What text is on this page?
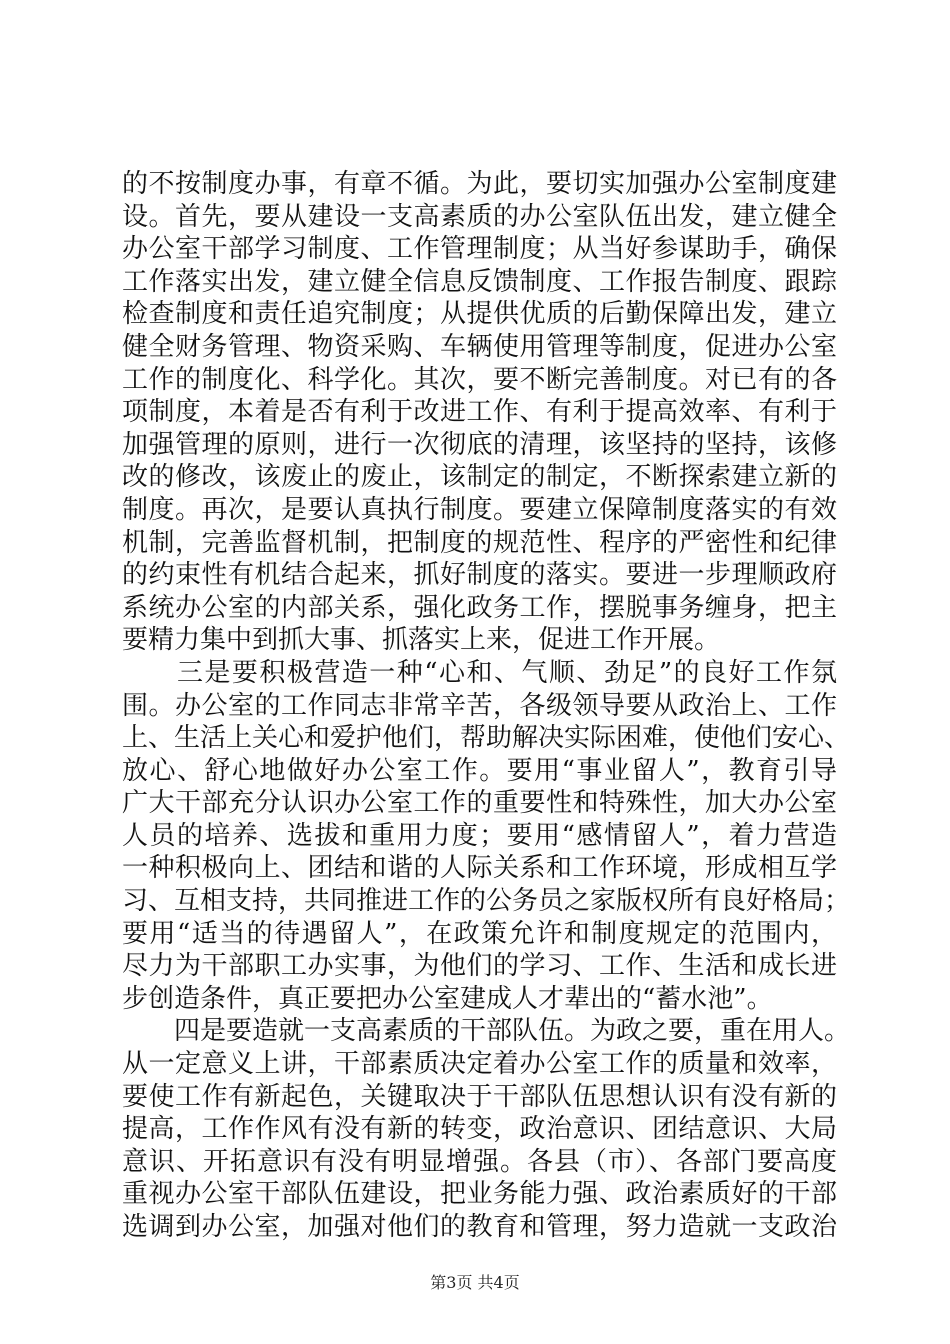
的不按制度办事，有章不循。为此，要切实加强办公室制度建
设。首先，要从建设一支高素质的办公室队伍出发，建立健全
办公室干部学习制度、工作管理制度；从当好参谋助手，确保
工作落实出发，建立健全信息反馈制度、工作报告制度、跟踪
检查制度和责任追究制度；从提供优质的后勤保障出发，建立
健全财务管理、物资采购、车辆使用管理等制度，促进办公室
工作的制度化、科学化。其次，要不断完善制度。对已有的各
项制度，本着是否有利于改进工作、有利于提高效率、有利于
加强管理的原则，进行一次彻底的清理，该坚持的坚持，该修
改的修改，该废止的废止，该制定的制定，不断探索建立新的
制度。再次，是要认真执行制度。要建立保障制度落实的有效
机制，完善监督机制，把制度的规范性、程序的严密性和纪律
的约束性有机结合起来，抓好制度的落实。要进一步理顺政府
系统办公室的内部关系，强化政务工作，摆脱事务缠身，把主
要精力集中到抓大事、抓落实上来，促进工作开展。
　　三是要积极营造一种“心和、气顺、劲足”的良好工作氛
围。办公室的工作同志非常辛苦，各级领导要从政治上、工作
上、生活上关心和爱护他们，帮助解决实际困难，使他们安心、
放心、舒心地做好办公室工作。要用“事业留人”，教育引导
广大干部充分认识办公室工作的重要性和特殊性，加大办公室
人员的培养、选拔和重用力度；要用“感情留人”，着力营造
一种积极向上、团结和谐的人际关系和工作环境，形成相互学
习、互相支持，共同推进工作的公务员之家版权所有良好格局；
要用“适当的待遇留人”，在政策允许和制度规定的范围内，
尽力为干部职工办实事，为他们的学习、工作、生活和成长进
步创造条件，真正要把办公室建成人才辈出的“蓄水池”。
　　四是要造就一支高素质的干部队伍。为政之要，重在用人。
从一定意义上讲，干部素质决定着办公室工作的质量和效率，
要使工作有新起色，关键取决于干部队伍思想认识有没有新的
提高，工作作风有没有新的转变，政治意识、团结意识、大局
意识、开拓意识有没有明显增强。各县（市）、各部门要高度
重视办公室干部队伍建设，把业务能力强、政治素质好的干部
选调到办公室，加强对他们的教育和管理，努力造就一支政治
第3页 共4页
